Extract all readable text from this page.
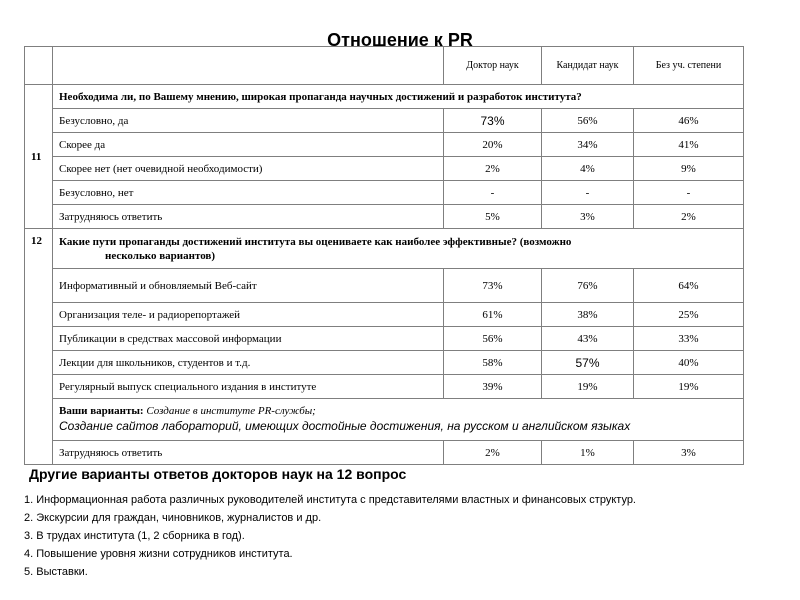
Отношение к PR
		Доктор наук	Кандидат наук	Без уч. степени
11	Необходима ли, по Вашему мнению, широкая пропаганда научных достижений и разработок института?			
	Безусловно, да	73%	56%	46%
	Скорее да	20%	34%	41%
	Скорее нет (нет очевидной необходимости)	2%	4%	9%
	Безусловно, нет	-	-	-
	Затрудняюсь ответить	5%	3%	2%
12	Какие пути пропаганды достижений института вы оцениваете как наиболее эффективные? (возможно
несколько вариантов)			
	Информативный и обновляемый Веб-сайт	73%	76%	64%
	Организация теле- и радиорепортажей	61%	38%	25%
	Публикации в средствах массовой информации	56%	43%	33%
	Лекции для школьников, студентов и т.д.	58%	57%	40%
	Регулярный выпуск специального издания в институте	39%	19%	19%
	Ваши варианты: Создание в институте PR-службы;
Создание сайтов лабораторий, имеющих достойные достижения, на русском и английском языках			
	Затрудняюсь ответить	2%	1%	3%
Другие варианты ответов докторов наук на 12 вопрос
1. Информационная работа различных руководителей института с представителями властных и финансовых структур.
2. Экскурсии для граждан, чиновников, журналистов и др.
3. В трудах института (1, 2 сборника в год).
4. Повышение уровня жизни сотрудников института.
5. Выставки.
